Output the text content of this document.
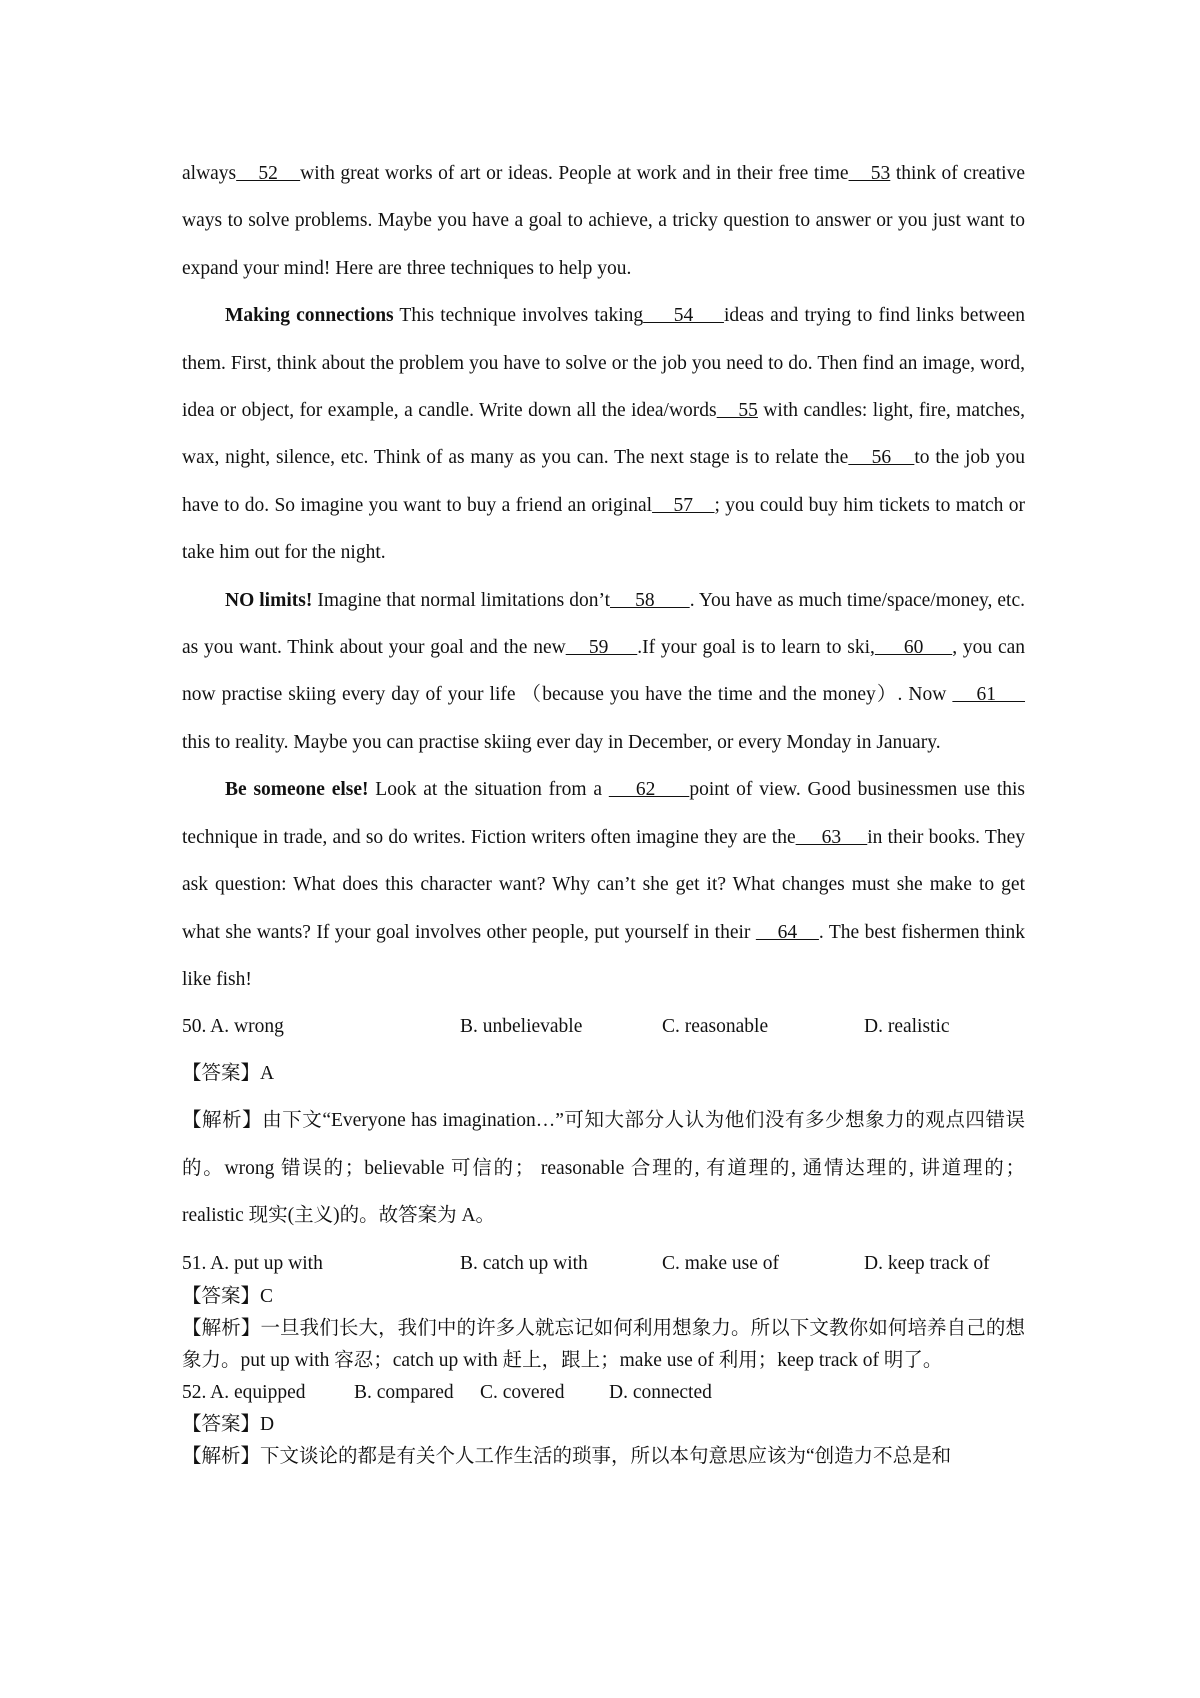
always    52    with great works of art or ideas. People at work and in their free time    53 think of creative ways to solve problems. Maybe you have a goal to achieve, a tricky question to answer or you just want to expand your mind! Here are three techniques to help you.

Making connections This technique involves taking     54     ideas and trying to find links between them. First, think about the problem you have to solve or the job you need to do. Then find an image, word, idea or object, for example, a candle. Write down all the idea/words    55 with candles: light, fire, matches, wax, night, silence, etc. Think of as many as you can. The next stage is to relate the    56    to the job you have to do. So imagine you want to buy a friend an original    57    ; you could buy him tickets to match or take him out for the night.

NO limits! Imagine that normal limitations don’t     58       . You have as much time/space/money, etc. as you want. Think about your goal and the new    59     .If your goal is to learn to ski,     60     , you can now practise skiing every day of your life （because you have the time and the money）. Now     61      this to reality. Maybe you can practise skiing ever day in December, or every Monday in January.

Be someone else! Look at the situation from a     62     point of view. Good businessmen use this technique in trade, and so do writes. Fiction writers often imagine they are the     63     in their books. They ask question: What does this character want? Why can’t she get it? What changes must she make to get what she wants? If your goal involves other people, put yourself in their     64    . The best fishermen think like fish!

50. A. wrong	B. unbelievable	C. reasonable	D. realistic

【答案】A

【解析】由下文“Everyone has imagination…”可知大部分人认为他们没有多少想象力的观点四错误的。wrong 错误的；believable 可信的； reasonable 合理的, 有道理的, 通情达理的, 讲道理的；realistic 现实(主义)的。故答案为 A。

51. A. put up with	B. catch up with	C. make use of	D. keep track of

【答案】C

【解析】一旦我们长大，我们中的许多人就忘记如何利用想象力。所以下文教你如何培养自己的想象力。put up with 容忍；catch up with 赶上，跟上；make use of 利用；keep track of 明了。

52. A. equipped B. compared C. covered D. connected

【答案】D

【解析】下文谈论的都是有关个人工作生活的琐事，所以本句意思应该为“创造力不总是和
